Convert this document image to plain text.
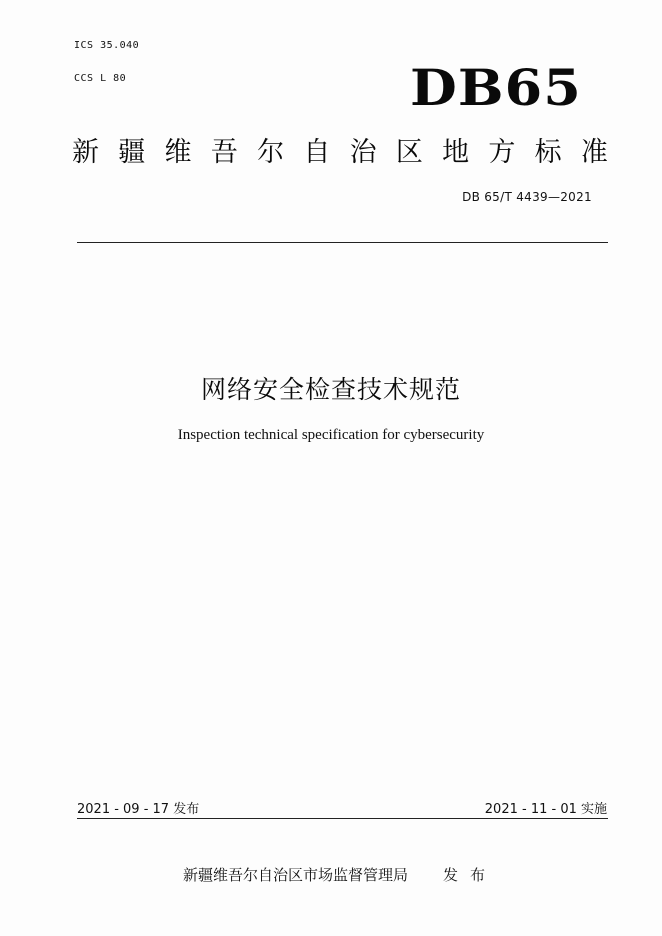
ICS 35.040
CCS L 80	DB65
新 疆 维 吾 尔 自 治 区 地 方 标 准
DB 65/T 4439—2021
网络安全检查技术规范
Inspection technical specification for cybersecurity
2021 - 09 - 17 发布	2021 - 11 - 01 实施
新疆维吾尔自治区市场监督管理局 发布
